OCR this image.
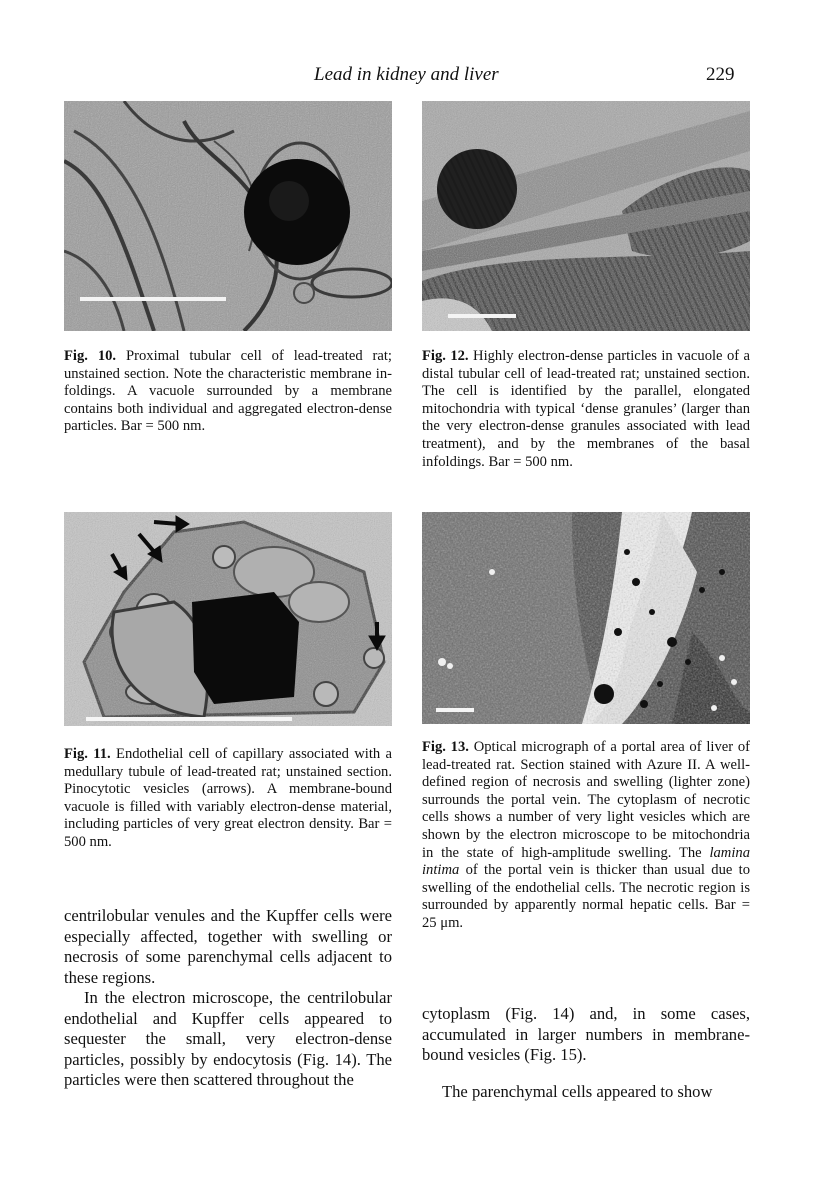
Lead in kidney and liver	229
Fig. 10. Proximal tubular cell of lead-treated rat; unstained section. Note the characteristic membrane in-foldings. A vacuole surrounded by a membrane contains both individual and aggregated electron-dense particles. Bar = 500 nm.
Fig. 12. Highly electron-dense particles in vacuole of a distal tubular cell of lead-treated rat; unstained section. The cell is identified by the parallel, elongated mitochondria with typical ‘dense granules’ (larger than the very electron-dense granules associated with lead treatment), and by the membranes of the basal infoldings. Bar = 500 nm.
Fig. 11. Endothelial cell of capillary associated with a medullary tubule of lead-treated rat; unstained section. Pinocytotic vesicles (arrows). A membrane-bound vacuole is filled with variably electron-dense material, including particles of very great electron density. Bar = 500 nm.
Fig. 13. Optical micrograph of a portal area of liver of lead-treated rat. Section stained with Azure II. A well-defined region of necrosis and swelling (lighter zone) surrounds the portal vein. The cytoplasm of necrotic cells shows a number of very light vesicles which are shown by the electron microscope to be mitochondria in the state of high-amplitude swelling. The lamina intima of the portal vein is thicker than usual due to swelling of the endothelial cells. The necrotic region is surrounded by apparently normal hepatic cells. Bar = 25 μm.

centrilobular venules and the Kupffer cells were especially affected, together with swelling or necrosis of some parenchymal cells adjacent to these regions.

In the electron microscope, the centrilobular endothelial and Kupffer cells appeared to sequester the small, very electron-dense particles, possibly by endocytosis (Fig. 14). The particles were then scattered throughout the

cytoplasm (Fig. 14) and, in some cases, accumulated in larger numbers in membrane-bound vesicles (Fig. 15).

The parenchymal cells appeared to show
